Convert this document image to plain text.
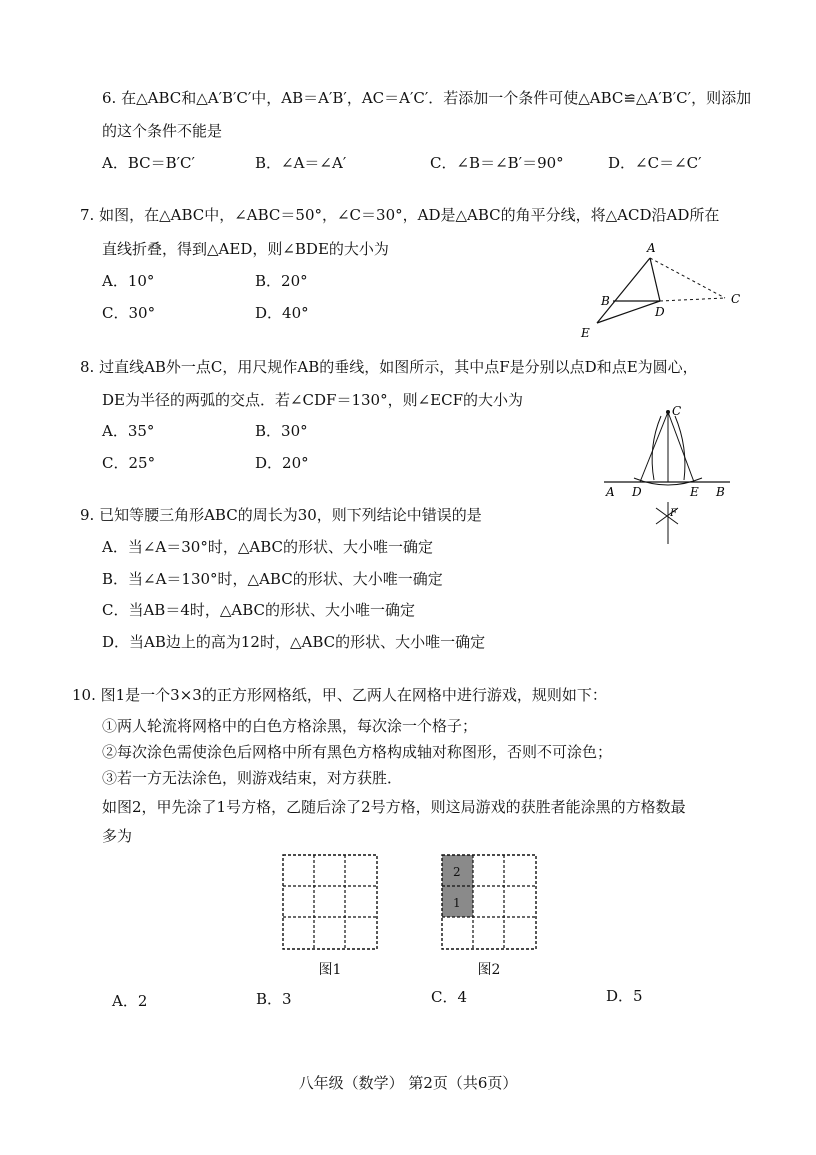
6. 在△ABC和△A′B′C′中，AB＝A′B′，AC＝A′C′．若添加一个条件可使△ABC≌△A′B′C′，则添加
的这个条件不能是
A．BC＝B′C′	B．∠A＝∠A′	C．∠B＝∠B′＝90°	D．∠C＝∠C′
7. 如图，在△ABC中，∠ABC＝50°，∠C＝30°，AD是△ABC的角平分线，将△ACD沿AD所在
直线折叠，得到△AED，则∠BDE的大小为
A．10°	B．20°
C．30°	D．40°
A
B	C
D
E
8. 过直线AB外一点C，用尺规作AB的垂线，如图所示，其中点F是分别以点D和点E为圆心，
DE为半径的两弧的交点．若∠CDF＝130°，则∠ECF的大小为
A．35°	B．30°
C．25°	D．20°
C
A D	E B
F
9. 已知等腰三角形ABC的周长为30，则下列结论中错误的是
A．当∠A＝30°时，△ABC的形状、大小唯一确定
B．当∠A＝130°时，△ABC的形状、大小唯一确定
C．当AB＝4时，△ABC的形状、大小唯一确定
D．当AB边上的高为12时，△ABC的形状、大小唯一确定
10. 图1是一个3×3的正方形网格纸，甲、乙两人在网格中进行游戏，规则如下：
①两人轮流将网格中的白色方格涂黑，每次涂一个格子；
②每次涂色需使涂色后网格中所有黑色方格构成轴对称图形，否则不可涂色；
③若一方无法涂色，则游戏结束，对方获胜．
如图2，甲先涂了1号方格，乙随后涂了2号方格，则这局游戏的获胜者能涂黑的方格数最
多为
图1
2
1
图2
A．2	B．3	C．4	D．5
八年级（数学） 第2页（共6页）
